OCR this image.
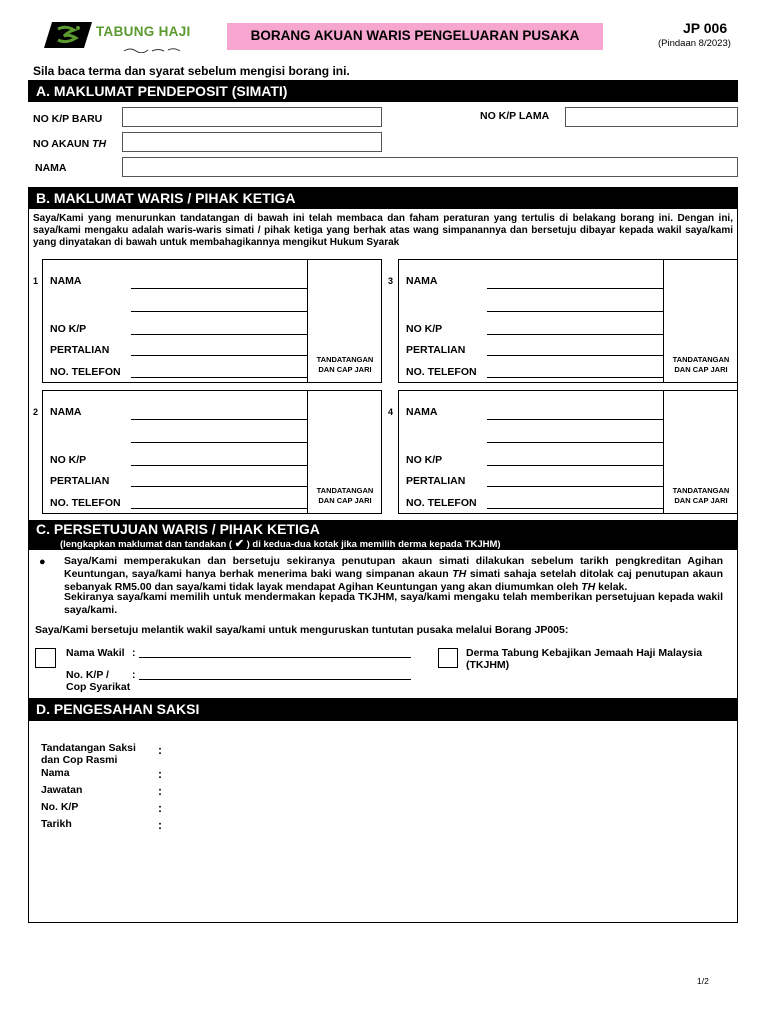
TABUNG HAJI	BORANG AKUAN WARIS PENGELUARAN PUSAKA	JP 006
(Pindaan 8/2023)
Sila baca terma dan syarat sebelum mengisi borang ini.
A. MAKLUMAT PENDEPOSIT (SIMATI)
NO K/P BARU	NO K/P LAMA
NO AKAUN TH
NAMA
B. MAKLUMAT WARIS / PIHAK KETIGA
Saya/Kami yang menurunkan tandatangan di bawah ini telah membaca dan faham peraturan yang tertulis di belakang borang ini. Dengan ini, saya/kami mengaku adalah waris-waris simati / pihak ketiga yang berhak atas wang simpanannya dan bersetuju dibayar kepada wakil saya/kami yang dinyatakan di bawah untuk membahagikannya mengikut Hukum Syarak
1 NAMA
NO K/P
PERTALIAN
NO. TELEFON
TANDATANGAN
DAN CAP JARI
2 NAMA
NO K/P
PERTALIAN
NO. TELEFON
TANDATANGAN
DAN CAP JARI
3 NAMA
NO K/P
PERTALIAN
NO. TELEFON
TANDATANGAN
DAN CAP JARI
4 NAMA
NO K/P
PERTALIAN
NO. TELEFON
TANDATANGAN
DAN CAP JARI
C. PERSETUJUAN WARIS / PIHAK KETIGA
(lengkapkan maklumat dan tandakan ( ✔ ) di kedua-dua kotak jika memilih derma kepada TKJHM)
● Saya/Kami memperakukan dan bersetuju sekiranya penutupan akaun simati dilakukan sebelum tarikh pengkreditan Agihan Keuntungan, saya/kami hanya berhak menerima baki wang simpanan akaun TH simati sahaja setelah ditolak caj penutupan akaun sebanyak RM5.00 dan saya/kami tidak layak mendapat Agihan Keuntungan yang akan diumumkan oleh TH kelak.
Sekiranya saya/kami memilih untuk mendermakan kepada TKJHM, saya/kami mengaku telah memberikan persetujuan kepada wakil saya/kami.
Saya/Kami bersetuju melantik wakil saya/kami untuk menguruskan tuntutan pusaka melalui Borang JP005:
Nama Wakil :
No. K/P / :
Cop Syarikat
Derma Tabung Kebajikan Jemaah Haji Malaysia
(TKJHM)
D. PENGESAHAN SAKSI
Tandatangan Saksi
dan Cop Rasmi
:
Nama	:
Jawatan	:
No. K/P	:
Tarikh	:
1/2
